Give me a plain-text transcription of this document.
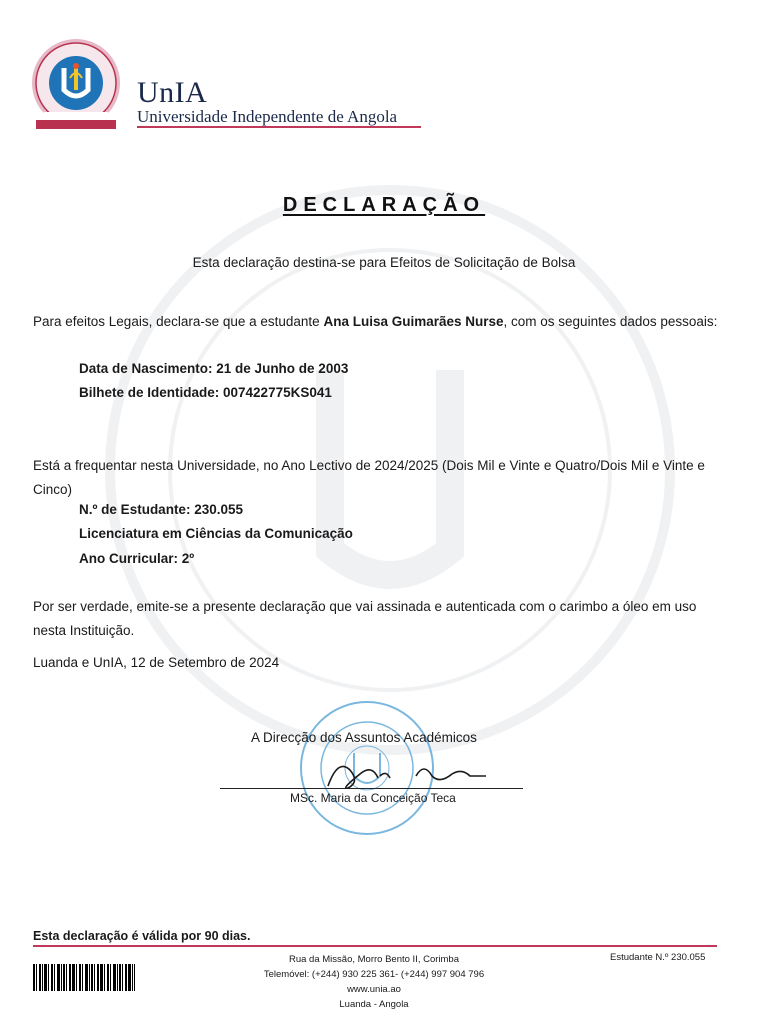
UnIA
Universidade Independente de Angola
DECLARAÇÃO
Esta declaração destina-se para Efeitos de Solicitação de Bolsa
Para efeitos Legais, declara-se que a estudante Ana Luisa Guimarães Nurse, com os seguintes dados pessoais:
Data de Nascimento: 21 de Junho de 2003
Bilhete de Identidade: 007422775KS041
Está a frequentar nesta Universidade, no Ano Lectivo de 2024/2025 (Dois Mil e Vinte e Quatro/Dois Mil e Vinte e Cinco)
N.º de Estudante: 230.055
Licenciatura em Ciências da Comunicação
Ano Curricular: 2º
Por ser verdade, emite-se a presente declaração que vai assinada e autenticada com o carimbo a óleo em uso nesta Instituição.
Luanda e UnIA, 12 de Setembro de 2024
A Direcção dos Assuntos Académicos
MSc. Maria da Conceição Teca
Esta declaração é válida por 90 dias.
Rua da Missão, Morro Bento II, Corimba
Telemóvel: (+244) 930 225 361- (+244) 997 904 796
www.unia.ao
Luanda - Angola
Estudante N.º 230.055
